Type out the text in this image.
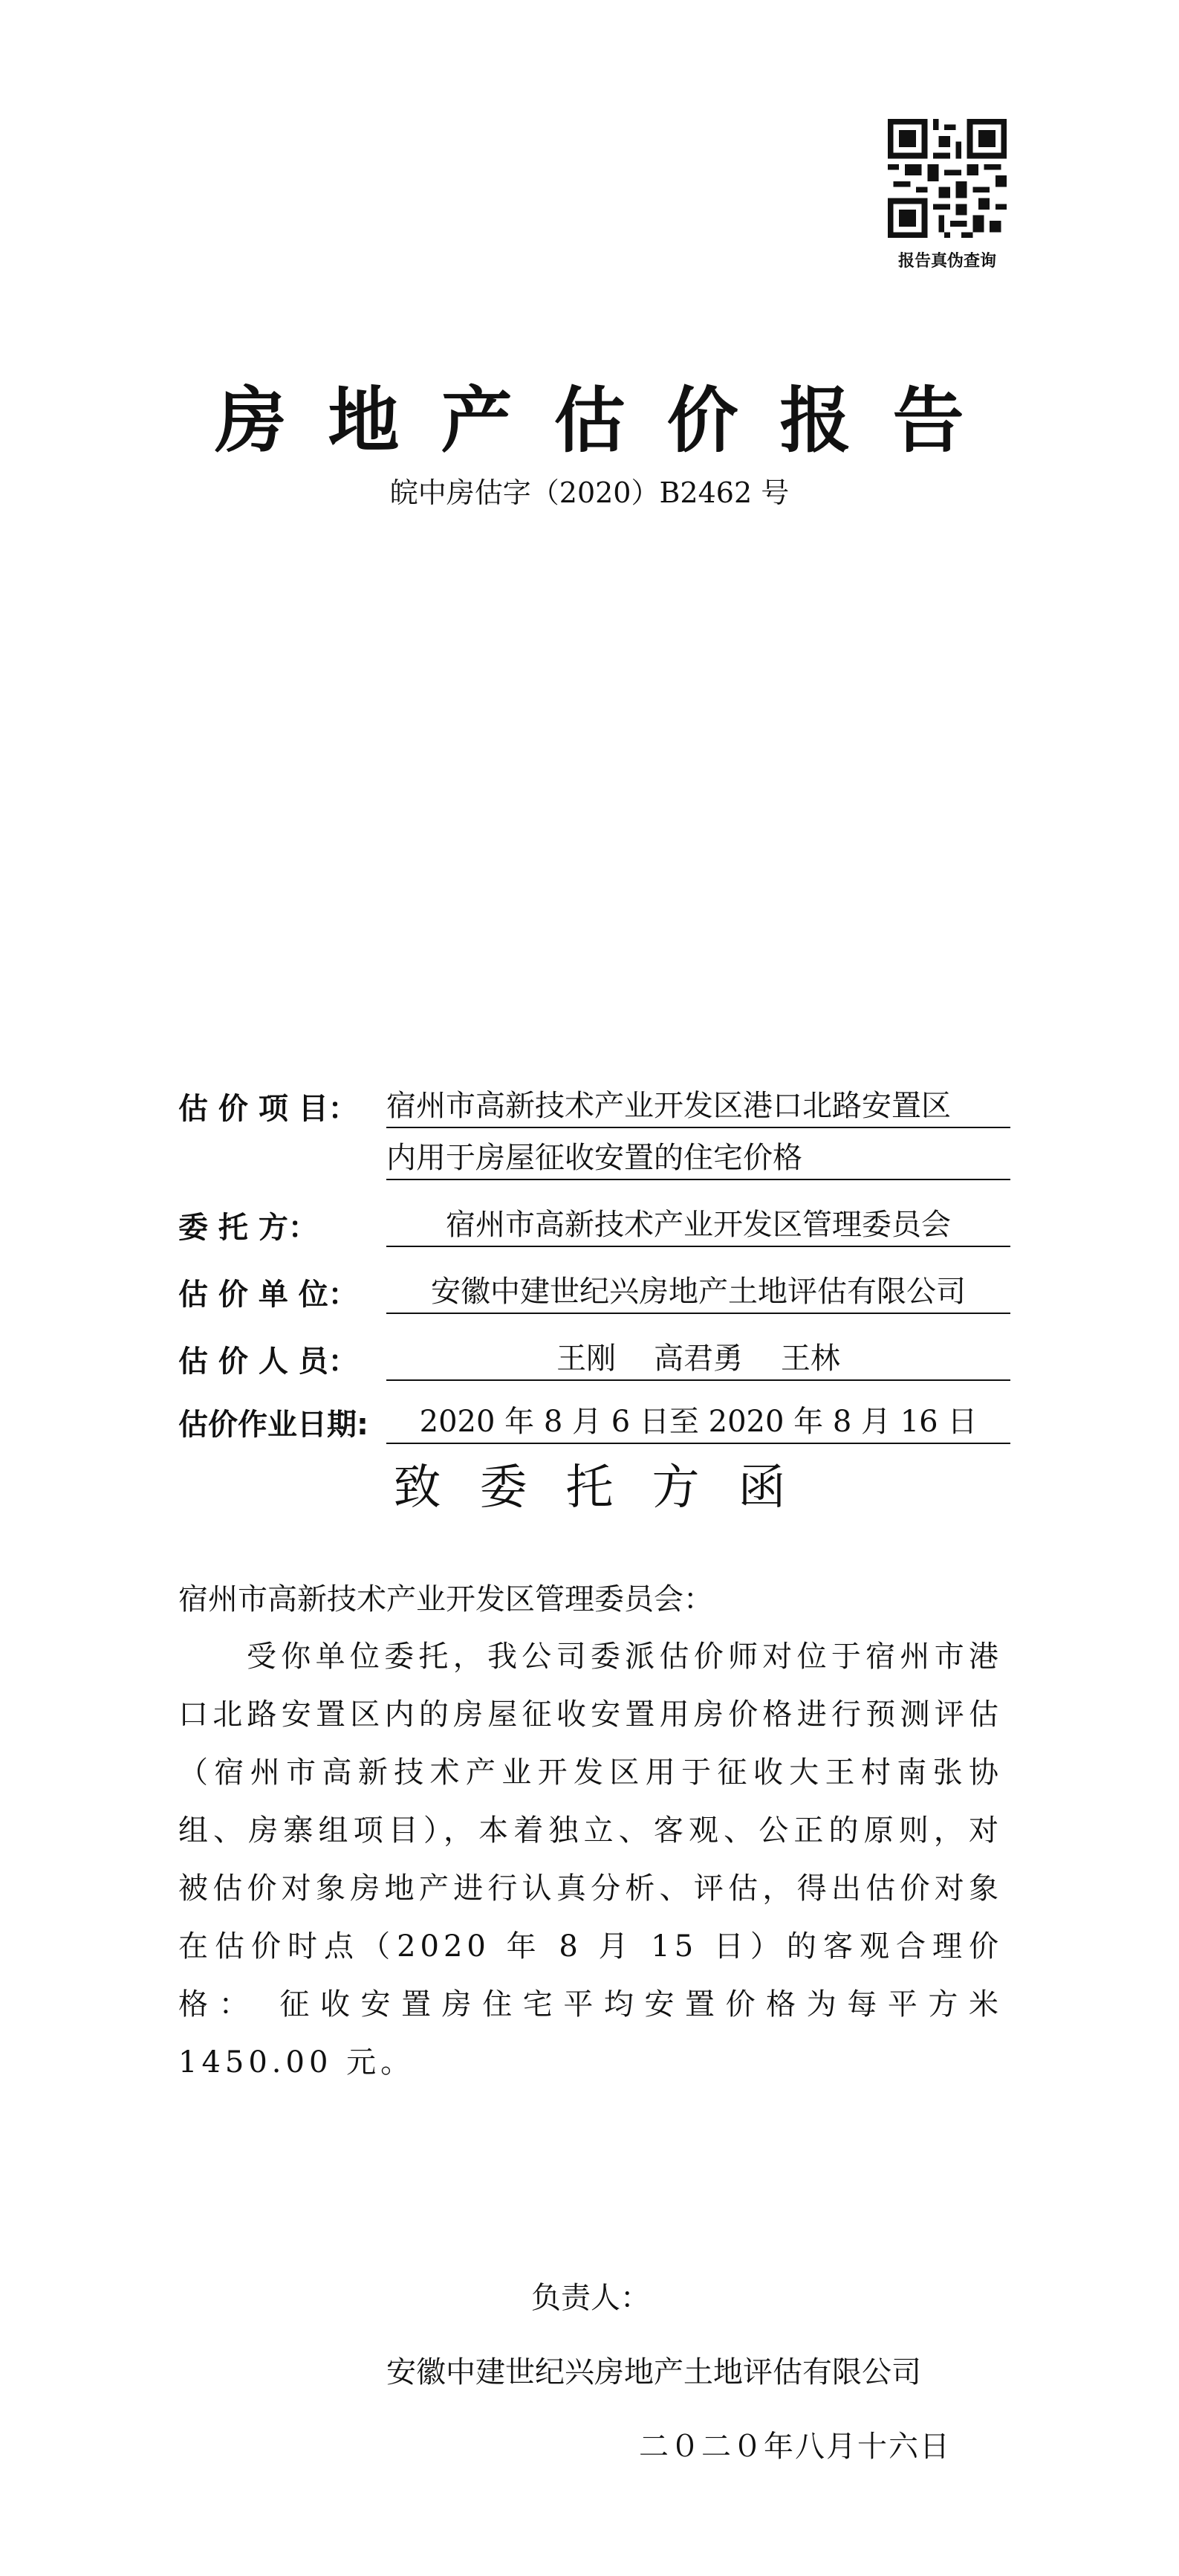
报告真伪查询
房地产估价报告
皖中房估字（2020）B2462 号
估 价 项 目： 宿州市高新技术产业开发区港口北路安置区
内用于房屋征收安置的住宅价格
委 托 方：	宿州市高新技术产业开发区管理委员会
估 价 单 位：	安徽中建世纪兴房地产土地评估有限公司
估 价 人 员：	王刚    高君勇    王林
估价作业日期:	2020 年 8 月 6 日至 2020 年 8 月 16 日
致委托方函
宿州市高新技术产业开发区管理委员会：
受你单位委托，我公司委派估价师对位于宿州市港口北路安置区内的房屋征收安置用房价格进行预测评估（宿州市高新技术产业开发区用于征收大王村南张协组、房寨组项目），本着独立、客观、公正的原则，对被估价对象房地产进行认真分析、评估，得出估价对象在估价时点（2020 年 8 月 15 日）的客观合理价格： 征收安置房住宅平均安置价格为每平方米 1450.00 元。
负责人：
安徽中建世纪兴房地产土地评估有限公司
二０二０年八月十六日
